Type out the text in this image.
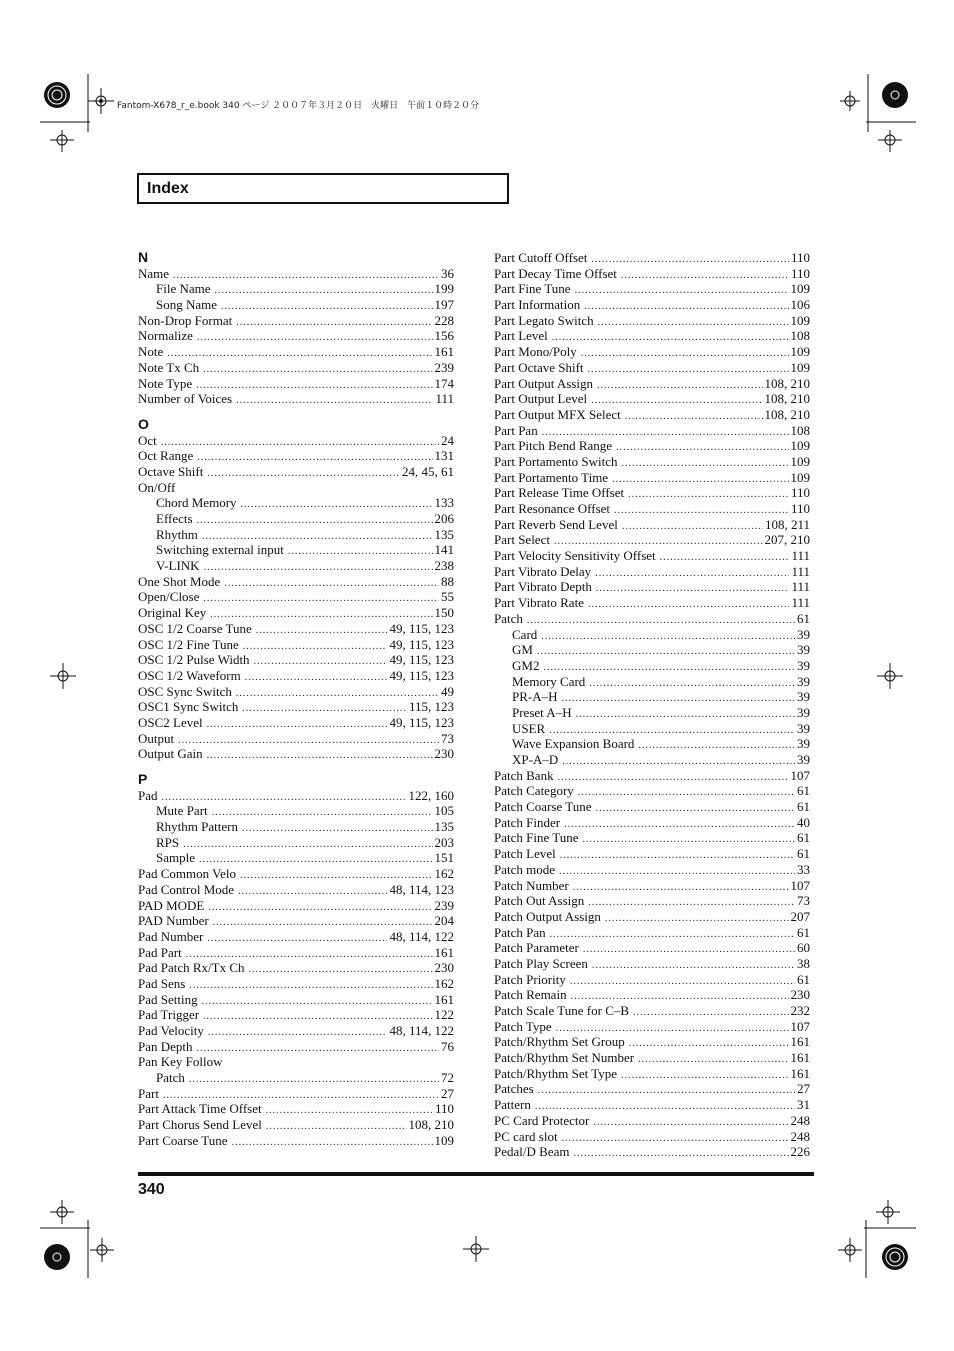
Fantom-X678_r_e.book 340 ページ ２００７年３月２０日　火曜日　午前１０時２０分
Index
N
Name .....	36
File Name .....	199
Song Name .....	197
Non-Drop Format .....	228
Normalize .....	156
Note .....	161
Note Tx Ch .....	239
Note Type .....	174
Number of Voices .....	111
O
Oct .....	24
Oct Range .....	131
Octave Shift .....	24, 45, 61
On/Off
Chord Memory .....	133
Effects .....	206
Rhythm .....	135
Switching external input .....	141
V-LINK .....	238
One Shot Mode .....	88
Open/Close .....	55
Original Key .....	150
OSC 1/2 Coarse Tune .....	49, 115, 123
OSC 1/2 Fine Tune .....	49, 115, 123
OSC 1/2 Pulse Width .....	49, 115, 123
OSC 1/2 Waveform .....	49, 115, 123
OSC Sync Switch .....	49
OSC1 Sync Switch .....	115, 123
OSC2 Level .....	49, 115, 123
Output .....	73
Output Gain .....	230
P
Pad .....	122, 160
Mute Part .....	105
Rhythm Pattern .....	135
RPS .....	203
Sample .....	151
Pad Common Velo .....	162
Pad Control Mode .....	48, 114, 123
PAD MODE .....	239
PAD Number .....	204
Pad Number .....	48, 114, 122
Pad Part .....	161
Pad Patch Rx/Tx Ch .....	230
Pad Sens .....	162
Pad Setting .....	161
Pad Trigger .....	122
Pad Velocity .....	48, 114, 122
Pan Depth .....	76
Pan Key Follow
Patch .....	72
Part .....	27
Part Attack Time Offset .....	110
Part Chorus Send Level .....	108, 210
Part Coarse Tune .....	109
Part Cutoff Offset .....	110
Part Decay Time Offset .....	110
Part Fine Tune .....	109
Part Information .....	106
Part Legato Switch .....	109
Part Level .....	108
Part Mono/Poly .....	109
Part Octave Shift .....	109
Part Output Assign .....	108, 210
Part Output Level .....	108, 210
Part Output MFX Select .....	108, 210
Part Pan .....	108
Part Pitch Bend Range .....	109
Part Portamento Switch .....	109
Part Portamento Time .....	109
Part Release Time Offset .....	110
Part Resonance Offset .....	110
Part Reverb Send Level .....	108, 211
Part Select .....	207, 210
Part Velocity Sensitivity Offset .....	111
Part Vibrato Delay .....	111
Part Vibrato Depth .....	111
Part Vibrato Rate .....	111
Patch .....	61
Card .....	39
GM .....	39
GM2 .....	39
Memory Card .....	39
PR-A–H .....	39
Preset A–H .....	39
USER .....	39
Wave Expansion Board .....	39
XP-A–D .....	39
Patch Bank .....	107
Patch Category .....	61
Patch Coarse Tune .....	61
Patch Finder .....	40
Patch Fine Tune .....	61
Patch Level .....	61
Patch mode .....	33
Patch Number .....	107
Patch Out Assign .....	73
Patch Output Assign .....	207
Patch Pan .....	61
Patch Parameter .....	60
Patch Play Screen .....	38
Patch Priority .....	61
Patch Remain .....	230
Patch Scale Tune for C–B .....	232
Patch Type .....	107
Patch/Rhythm Set Group .....	161
Patch/Rhythm Set Number .....	161
Patch/Rhythm Set Type .....	161
Patches .....	27
Pattern .....	31
PC Card Protector .....	248
PC card slot .....	248
Pedal/D Beam .....	226
340
